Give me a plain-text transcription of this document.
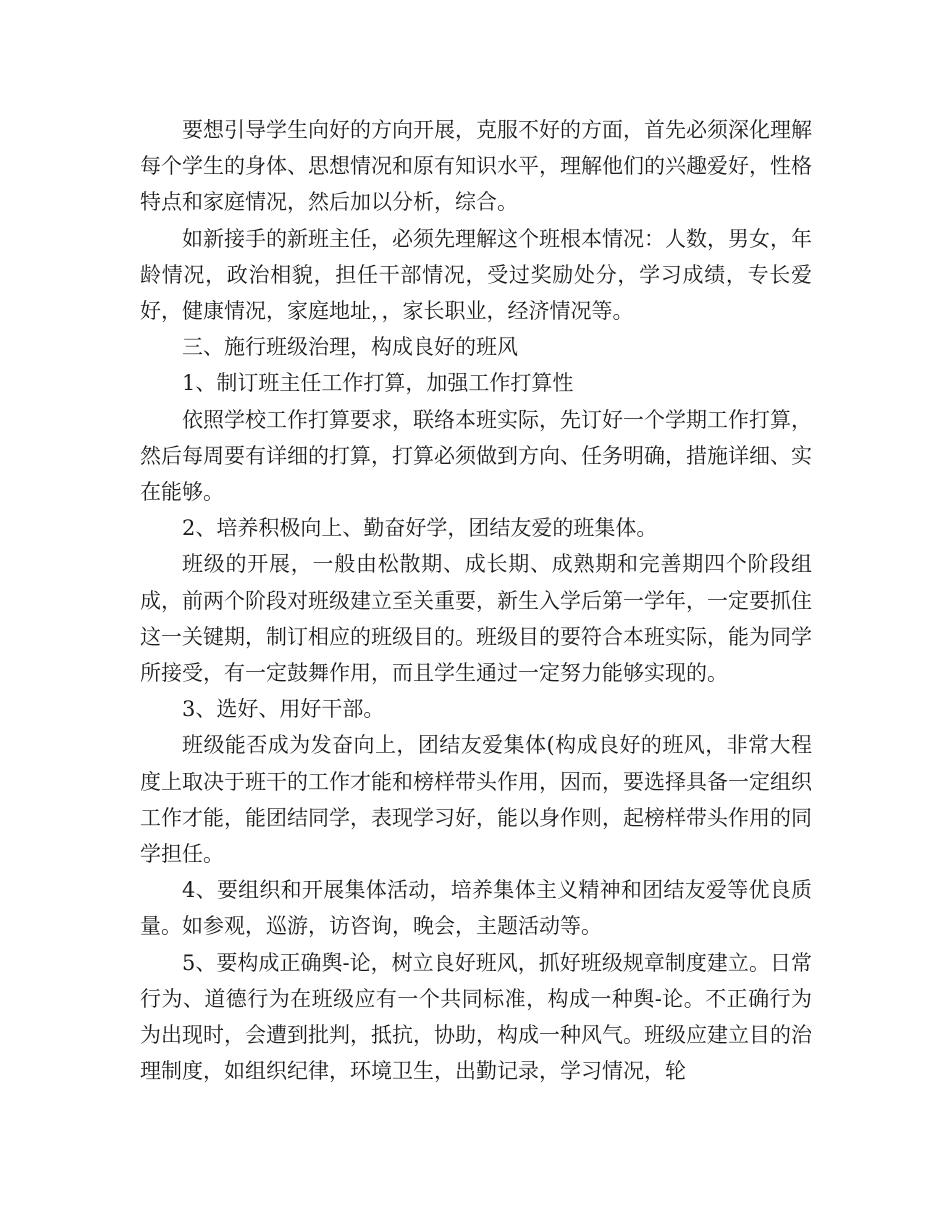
要想引导学生向好的方向开展，克服不好的方面，首先必须深化理解每个学生的身体、思想情况和原有知识水平，理解他们的兴趣爱好，性格特点和家庭情况，然后加以分析，综合。

如新接手的新班主任，必须先理解这个班根本情况：人数，男女，年龄情况，政治相貌，担任干部情况，受过奖励处分，学习成绩，专长爱好，健康情况，家庭地址，，家长职业，经济情况等。

三、施行班级治理，构成良好的班风

1、制订班主任工作打算，加强工作打算性

依照学校工作打算要求，联络本班实际，先订好一个学期工作打算，然后每周要有详细的打算，打算必须做到方向、任务明确，措施详细、实在能够。

2、培养积极向上、勤奋好学，团结友爱的班集体。

班级的开展，一般由松散期、成长期、成熟期和完善期四个阶段组成，前两个阶段对班级建立至关重要，新生入学后第一学年，一定要抓住这一关键期，制订相应的班级目的。班级目的要符合本班实际，能为同学所接受，有一定鼓舞作用，而且学生通过一定努力能够实现的。

3、选好、用好干部。

班级能否成为发奋向上，团结友爱集体(构成良好的班风，非常大程度上取决于班干的工作才能和榜样带头作用，因而，要选择具备一定组织工作才能，能团结同学，表现学习好，能以身作则，起榜样带头作用的同学担任。

4、要组织和开展集体活动，培养集体主义精神和团结友爱等优良质量。如参观，巡游，访咨询，晚会，主题活动等。

5、要构成正确舆-论，树立良好班风，抓好班级规章制度建立。日常行为、道德行为在班级应有一个共同标准，构成一种舆-论。不正确行为为出现时，会遭到批判，抵抗，协助，构成一种风气。班级应建立目的治理制度，如组织纪律，环境卫生，出勤记录，学习情况，轮
